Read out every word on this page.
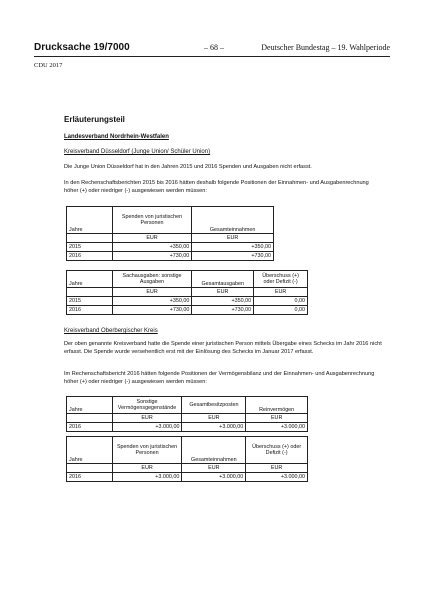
Drucksache 19/7000	– 68 –	Deutscher Bundestag – 19. Wahlperiode
CDU 2017
Erläuterungsteil
Landesverband Nordrhein-Westfalen
Kreisverband Düsseldorf (Junge Union/ Schüler Union)
Die Junge Union Düsseldorf hat in den Jahren 2015 und 2016 Spenden und Ausgaben nicht erfasst.
In den Rechenschaftsberichten 2015 bis 2016 hätten deshalb folgende Positionen der Einnahmen- und Ausgabenrechnung höher (+) oder niedriger (-) ausgewiesen werden müssen:
Jahre	Spenden von juristischen Personen	Gesamteinnahmen
	EUR	EUR
2015	+350,00	+350,00
2016	+730,00	+730,00
Jahre	Sachausgaben: sonstige Ausgaben	Gesamtausgaben	Überschuss (+) oder Defizit (-)
	EUR	EUR	EUR
2015	+350,00	+350,00	0,00
2016	+730,00	+730,00	0,00
Kreisverband Oberbergischer Kreis
Der oben genannte Kreisverband hatte die Spende einer juristischen Person mittels Übergabe eines Schecks im Jahr 2016 nicht erfasst. Die Spende wurde versehentlich erst mit der Einlösung des Schecks im Januar 2017 erfasst.
Im Rechenschaftsbericht 2016 hätten folgende Positionen der Vermögensbilanz und der Einnahmen- und Ausgabenrechnung höher (+) oder niedriger (-) ausgewiesen werden müssen:
Jahre	Sonstige Vermögensgegenstände	Gesamtbesitzposten	Reinvermögen
	EUR	EUR	EUR
2016	+3.000,00	+3.000,00	+3.000,00
Jahre	Spenden von juristischen Personen	Gesamteinnahmen	Überschuss (+) oder Defizit (-)
	EUR	EUR	EUR
2016	+3.000,00	+3.000,00	+3.000,00
